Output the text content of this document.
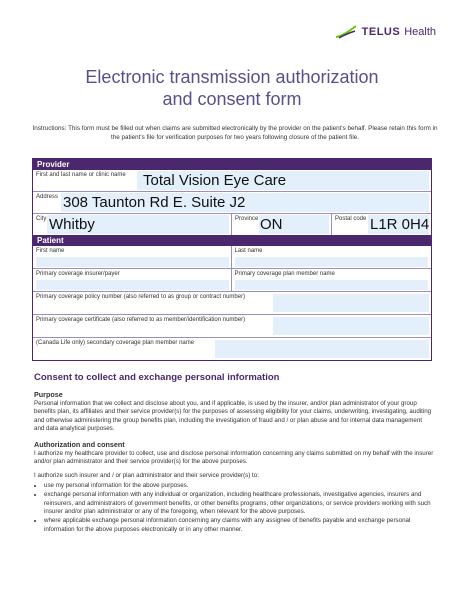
TELUS Health
Electronic transmission authorization
and consent form
Instructions: This form must be filled out when claims are submitted electronically by the provider on the patient's behalf. Please retain this form in the patient's file for verification purposes for two years following closure of the patient file.
Provider
First and last name or clinic name Total Vision Eye Care
Address 308 Taunton Rd E. Suite J2
City Whitby	Province ON	Postal code L1R 0H4
Patient
First name	Last name
Primary coverage insurer/payer	Primary coverage plan member name
Primary coverage policy number (also referred to as group or contract number)
Primary coverage certificate (also referred to as member/identification number)
(Canada Life only) secondary coverage plan member name
Consent to collect and exchange personal information
Purpose

Personal information that we collect and disclose about you, and if applicable, is used by the insurer, and/or plan administrator of your group benefits plan, its affiliates and their service provider(s) for the purposes of assessing eligibility for your claims, underwriting, investigating, auditing and otherwise administering the group benefits plan, including the investigation of fraud and / or plan abuse and for internal data management and data analytical purposes.

Authorization and consent

I authorize my healthcare provider to collect, use and disclose personal information concerning any claims submitted on my behalf with the insurer and/or plan administrator and their service provider(s) for the above purposes.

I authorize such insurer and / or plan administrator and their service provider(s) to:

• use my personal information for the above purposes.
• exchange personal information with any individual or organization, including healthcare professionals, investigative agencies, insurers and reinsurers, and administrators of government benefits, or other benefits programs, other organizations, or service providers working with such insurer and/or plan administrator or any of the foregoing, when relevant for the above purposes.
• where applicable exchange personal information concerning any claims with any assignee of benefits payable and exchange personal information for the above purposes electronically or in any other manner.
